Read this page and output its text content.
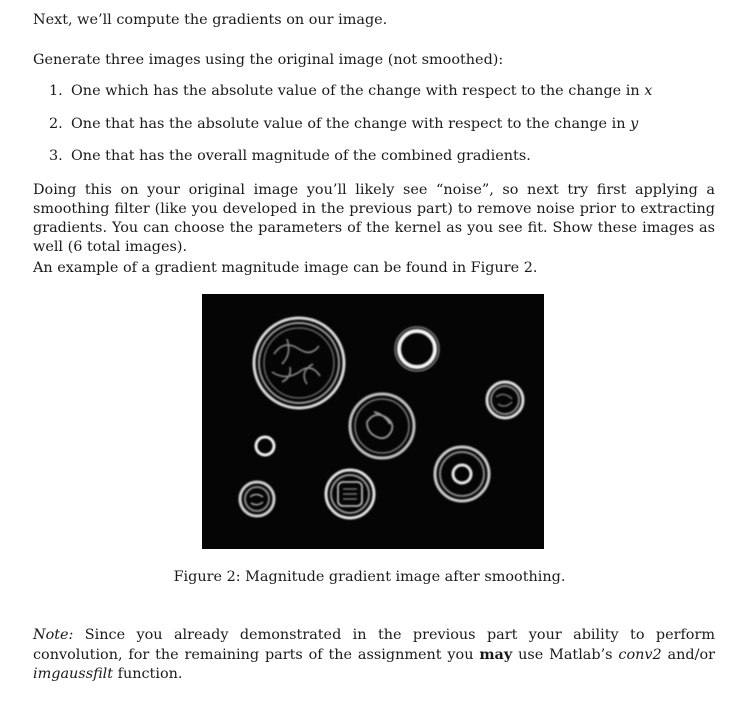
Next, we’ll compute the gradients on our image.

Generate three images using the original image (not smoothed):

1. One which has the absolute value of the change with respect to the change in x
2. One that has the absolute value of the change with respect to the change in y
3. One that has the overall magnitude of the combined gradients.

Doing this on your original image you’ll likely see “noise”, so next try first applying a smoothing filter (like you developed in the previous part) to remove noise prior to extracting gradients. You can choose the parameters of the kernel as you see fit. Show these images as well (6 total images).

An example of a gradient magnitude image can be found in Figure 2.

Figure 2: Magnitude gradient image after smoothing.

Note: Since you already demonstrated in the previous part your ability to perform convolution, for the remaining parts of the assignment you may use Matlab’s conv2 and/or imgaussfilt function.
